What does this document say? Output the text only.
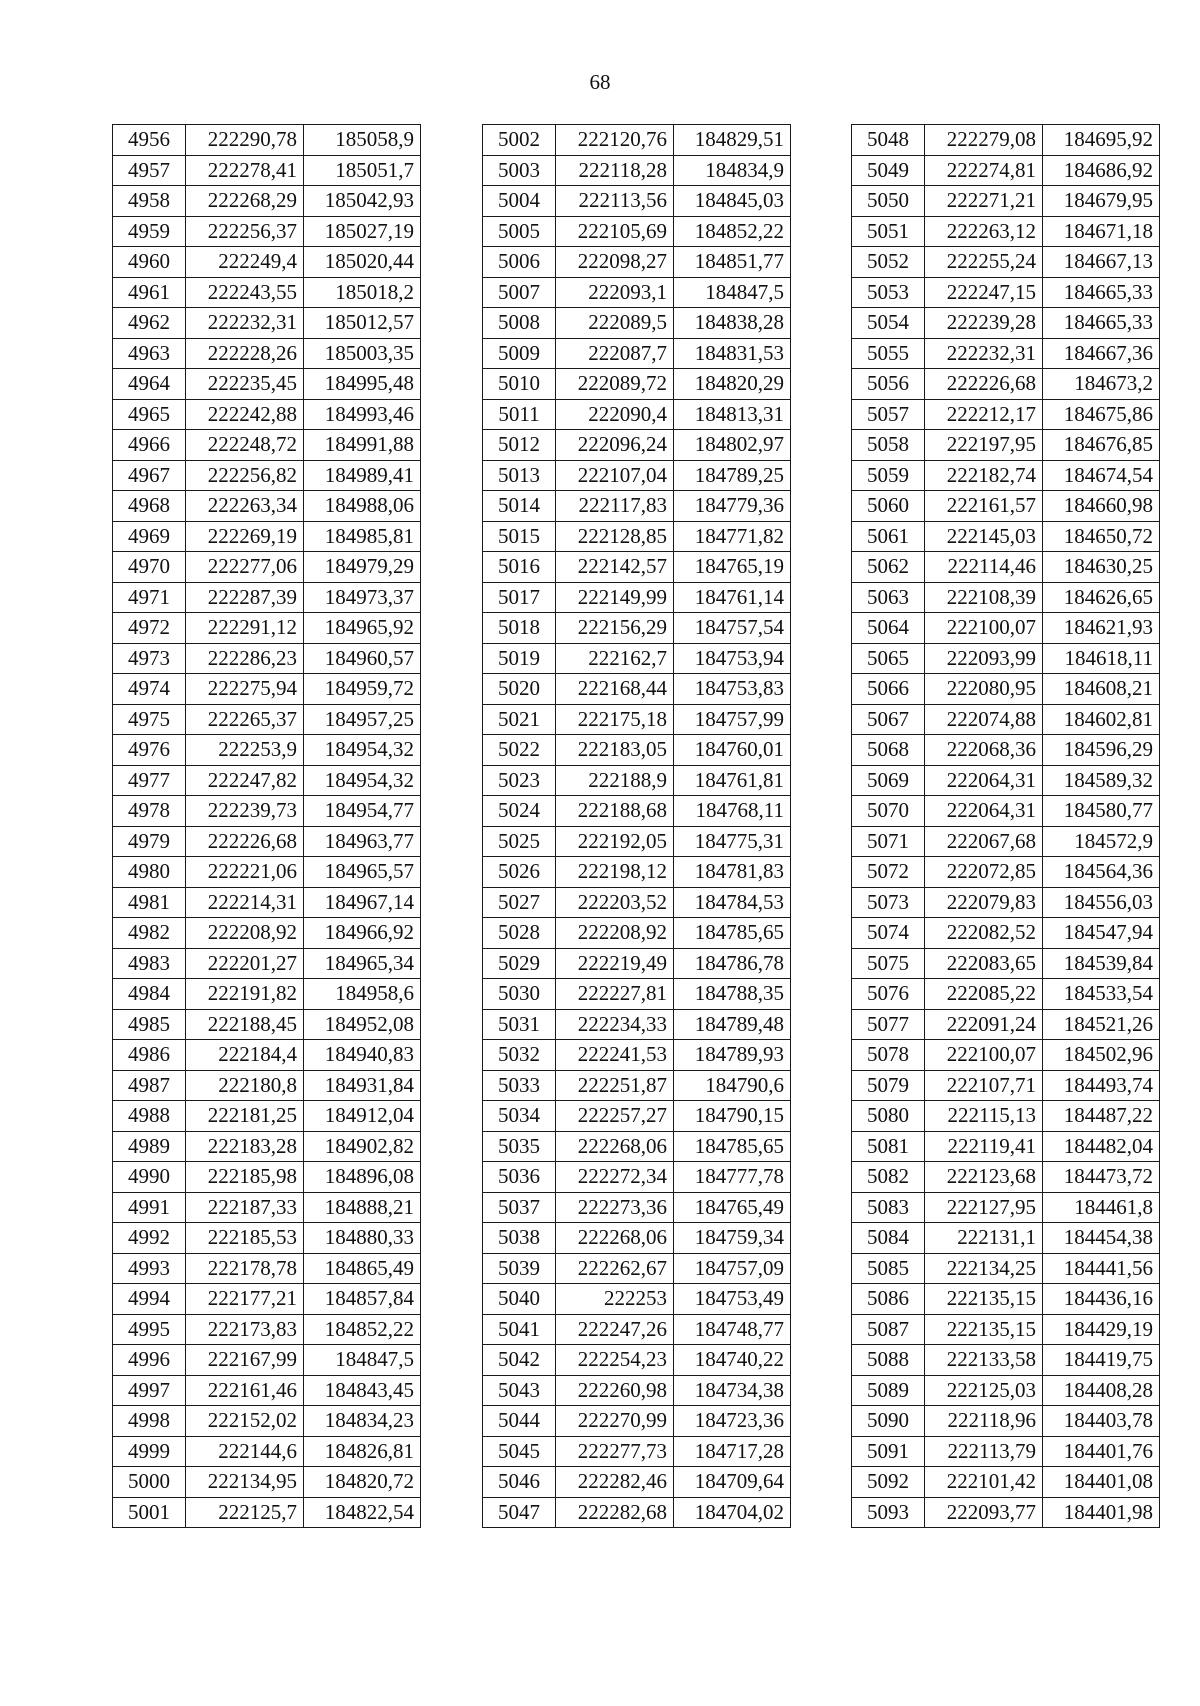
68
4956	222290,78	185058,9
4957	222278,41	185051,7
4958	222268,29	185042,93
4959	222256,37	185027,19
4960	222249,4	185020,44
4961	222243,55	185018,2
4962	222232,31	185012,57
4963	222228,26	185003,35
4964	222235,45	184995,48
4965	222242,88	184993,46
4966	222248,72	184991,88
4967	222256,82	184989,41
4968	222263,34	184988,06
4969	222269,19	184985,81
4970	222277,06	184979,29
4971	222287,39	184973,37
4972	222291,12	184965,92
4973	222286,23	184960,57
4974	222275,94	184959,72
4975	222265,37	184957,25
4976	222253,9	184954,32
4977	222247,82	184954,32
4978	222239,73	184954,77
4979	222226,68	184963,77
4980	222221,06	184965,57
4981	222214,31	184967,14
4982	222208,92	184966,92
4983	222201,27	184965,34
4984	222191,82	184958,6
4985	222188,45	184952,08
4986	222184,4	184940,83
4987	222180,8	184931,84
4988	222181,25	184912,04
4989	222183,28	184902,82
4990	222185,98	184896,08
4991	222187,33	184888,21
4992	222185,53	184880,33
4993	222178,78	184865,49
4994	222177,21	184857,84
4995	222173,83	184852,22
4996	222167,99	184847,5
4997	222161,46	184843,45
4998	222152,02	184834,23
4999	222144,6	184826,81
5000	222134,95	184820,72
5001	222125,7	184822,54
5002	222120,76	184829,51
5003	222118,28	184834,9
5004	222113,56	184845,03
5005	222105,69	184852,22
5006	222098,27	184851,77
5007	222093,1	184847,5
5008	222089,5	184838,28
5009	222087,7	184831,53
5010	222089,72	184820,29
5011	222090,4	184813,31
5012	222096,24	184802,97
5013	222107,04	184789,25
5014	222117,83	184779,36
5015	222128,85	184771,82
5016	222142,57	184765,19
5017	222149,99	184761,14
5018	222156,29	184757,54
5019	222162,7	184753,94
5020	222168,44	184753,83
5021	222175,18	184757,99
5022	222183,05	184760,01
5023	222188,9	184761,81
5024	222188,68	184768,11
5025	222192,05	184775,31
5026	222198,12	184781,83
5027	222203,52	184784,53
5028	222208,92	184785,65
5029	222219,49	184786,78
5030	222227,81	184788,35
5031	222234,33	184789,48
5032	222241,53	184789,93
5033	222251,87	184790,6
5034	222257,27	184790,15
5035	222268,06	184785,65
5036	222272,34	184777,78
5037	222273,36	184765,49
5038	222268,06	184759,34
5039	222262,67	184757,09
5040	222253	184753,49
5041	222247,26	184748,77
5042	222254,23	184740,22
5043	222260,98	184734,38
5044	222270,99	184723,36
5045	222277,73	184717,28
5046	222282,46	184709,64
5047	222282,68	184704,02
5048	222279,08	184695,92
5049	222274,81	184686,92
5050	222271,21	184679,95
5051	222263,12	184671,18
5052	222255,24	184667,13
5053	222247,15	184665,33
5054	222239,28	184665,33
5055	222232,31	184667,36
5056	222226,68	184673,2
5057	222212,17	184675,86
5058	222197,95	184676,85
5059	222182,74	184674,54
5060	222161,57	184660,98
5061	222145,03	184650,72
5062	222114,46	184630,25
5063	222108,39	184626,65
5064	222100,07	184621,93
5065	222093,99	184618,11
5066	222080,95	184608,21
5067	222074,88	184602,81
5068	222068,36	184596,29
5069	222064,31	184589,32
5070	222064,31	184580,77
5071	222067,68	184572,9
5072	222072,85	184564,36
5073	222079,83	184556,03
5074	222082,52	184547,94
5075	222083,65	184539,84
5076	222085,22	184533,54
5077	222091,24	184521,26
5078	222100,07	184502,96
5079	222107,71	184493,74
5080	222115,13	184487,22
5081	222119,41	184482,04
5082	222123,68	184473,72
5083	222127,95	184461,8
5084	222131,1	184454,38
5085	222134,25	184441,56
5086	222135,15	184436,16
5087	222135,15	184429,19
5088	222133,58	184419,75
5089	222125,03	184408,28
5090	222118,96	184403,78
5091	222113,79	184401,76
5092	222101,42	184401,08
5093	222093,77	184401,98
